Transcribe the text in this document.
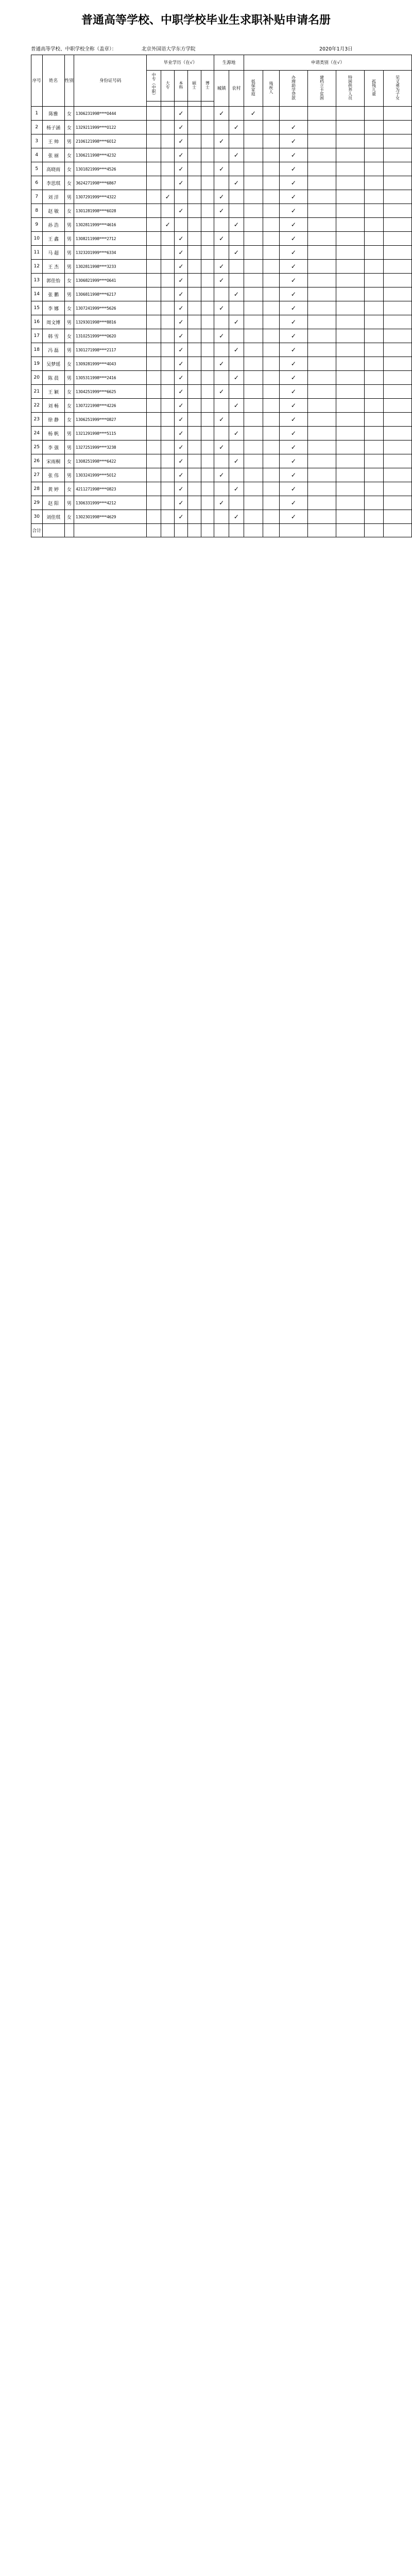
普通高等学校、中职学校毕业生求职补贴申请名册
普通高等学校、中职学校全称（盖章）：	北京外国语大学东方学院	2020年1月3日
序号	姓名	性别	身份证号码	毕业学历（在√）					生源地		申请类别（在√）						
				中专（中职）	大专	本科	硕士	博士	城镇	农村	低保家庭	残疾人	办理助学贷款	建档立卡贫困	特困供养人员	孤残儿童	见义勇为子女

1	陈雅	女	1306231998****0444			✓			✓		✓						
2	杨子涵	女	1329211999****0122			✓				✓			✓				
3	王 帅	男	2106121998****6012			✓			✓				✓				
4	张 丽	女	1306211998****4232			✓				✓			✓				
5	高晓雨	女	1301821999****4526			✓			✓				✓				
6	李思琪	女	3624271998****6867			✓				✓			✓				
7	刘 洋	男	1307291999****4322		✓				✓				✓				
8	赵 敏	女	1301281998****6028			✓			✓				✓				
9	孙 浩	男	1302811999****4616		✓					✓			✓				
10	王 鑫	男	1308211998****2712			✓			✓				✓				
11	马 超	男	1323201999****6334			✓				✓			✓				
12	王 杰	男	1302811998****3233			✓			✓				✓				
13	郭佳怡	女	1306821999****0641			✓			✓				✓				
14	张 鹏	男	1306811998****6217			✓				✓			✓				
15	李 娜	女	1307241999****5626			✓			✓				✓				
16	周文博	男	1329301998****8816			✓				✓			✓				
17	韩 雪	女	1310251999****0620			✓			✓				✓				
18	冯 磊	男	1301271998****2117			✓				✓			✓				
19	吴梦瑶	女	1309281999****4043			✓			✓				✓				
20	陈 晨	男	1305311998****2416			✓				✓			✓				
21	王 颖	女	1304251999****6625			✓			✓				✓				
22	刘 畅	女	1307221998****4226			✓				✓			✓				
23	徐 静	女	1306251999****0827			✓			✓				✓				
24	杨 帆	男	1321291998****5115			✓				✓			✓				
25	李 强	男	1327251999****3238			✓			✓				✓				
26	宋雨桐	女	1308251998****6422			✓				✓			✓				
27	张 伟	男	1303241999****5012			✓			✓				✓				
28	黄 婷	女	4211271998****0823			✓				✓			✓				
29	赵 阳	男	1306331999****4212			✓			✓				✓				
30	刘佳琪	女	1302301998****4629			✓				✓			✓				
合计																	
